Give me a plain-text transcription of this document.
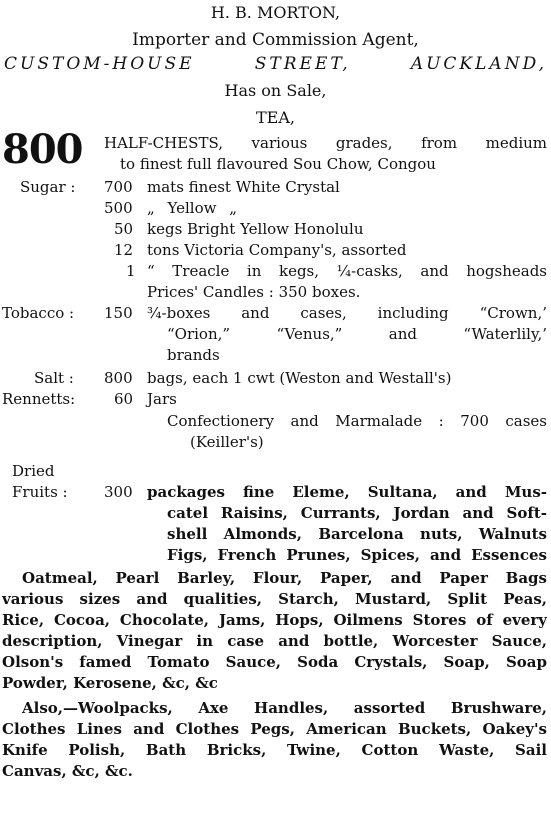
H. B. MORTON,
Importer and Commission Agent,
CUSTOM-HOUSE STREET, AUCKLAND,
Has on Sale,
TEA,
800 HALF-CHESTS, various grades, from medium
to finest full flavoured Sou Chow, Congou
Sugar : 700 mats finest White Crystal
500 „ Yellow „
50 kegs Bright Yellow Honolulu
12 tons Victoria Company's, assorted
1 “ Treacle in kegs, ¼-casks, and hogsheads
Prices' Candles : 350 boxes.
Tobacco : 150 ¾-boxes and cases, including “Crown,’
“Orion,” “Venus,” and “Waterlily,’
brands
Salt : 800 bags, each 1 cwt (Weston and Westall's)
Rennetts:	60 Jars
Confectionery and Marmalade : 700 cases
(Keiller's)
Dried
Fruits : 300 packages fine Eleme, Sultana, and Mus-
catel Raisins, Currants, Jordan and Soft-
shell Almonds, Barcelona nuts, Walnuts
Figs, French Prunes, Spices, and Essences
Oatmeal, Pearl Barley, Flour, Paper, and Paper Bags
various sizes and qualities, Starch, Mustard, Split Peas,
Rice, Cocoa, Chocolate, Jams, Hops, Oilmens Stores of every
description, Vinegar in case and bottle, Worcester Sauce,
Olson's famed Tomato Sauce, Soda Crystals, Soap, Soap
Powder, Kerosene, &c, &c
Also,—Woolpacks, Axe Handles, assorted Brushware,
Clothes Lines and Clothes Pegs, American Buckets, Oakey's
Knife Polish, Bath Bricks, Twine, Cotton Waste, Sail
Canvas, &c, &c.
